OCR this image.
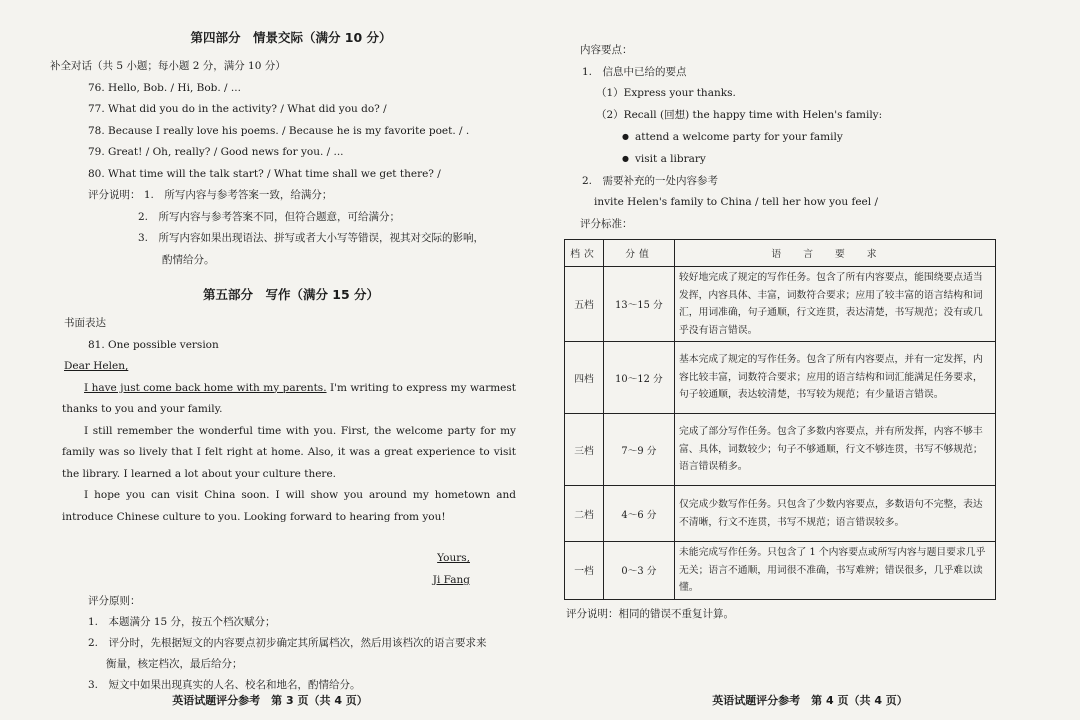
第四部分　情景交际（满分 10 分）
补全对话（共 5 小题；每小题 2 分，满分 10 分）
76. Hello, Bob. / Hi, Bob. / ...
77. What did you do in the activity? / What did you do? /
78. Because I really love his poems. / Because he is my favorite poet. / .
79. Great! / Oh, really? / Good news for you. / ...
80. What time will the talk start? / What time shall we get there? /
评分说明： 1.　所写内容与参考答案一致，给满分；
2.　所写内容与参考答案不同，但符合题意，可给满分；
3.　所写内容如果出现语法、拼写或者大小写等错误，视其对交际的影响，
酌情给分。
第五部分　写作（满分 15 分）
书面表达
81. One possible version
Dear Helen,
I have just come back home with my parents. I'm writing to express my warmest thanks to you and your family.
I still remember the wonderful time with you. First, the welcome party for my family was so lively that I felt right at home. Also, it was a great experience to visit the library. I learned a lot about your culture there.
I hope you can visit China soon. I will show you around my hometown and introduce Chinese culture to you. Looking forward to hearing from you!
Yours,
Ji Fang
评分原则：
1.　本题满分 15 分，按五个档次赋分；
2.　评分时，先根据短文的内容要点初步确定其所属档次，然后用该档次的语言要求来
衡量，核定档次，最后给分；
3.　短文中如果出现真实的人名、校名和地名，酌情给分。
英语试题评分参考　第 3 页（共 4 页）
内容要点：
1.　信息中已给的要点
（1）Express your thanks.
（2）Recall (回想) the happy time with Helen's family:
● attend a welcome party for your family
● visit a library
2.　需要补充的一处内容参考
invite Helen's family to China / tell her how you feel /
评分标准：
档次	分值	语言要求
五档	13～15 分	较好地完成了规定的写作任务。包含了所有内容要点，能围绕要点适当发挥，内容具体、丰富，词数符合要求；应用了较丰富的语言结构和词汇，用词准确，句子通顺，行文连贯，表达清楚，书写规范；没有或几乎没有语言错误。
四档	10～12 分	基本完成了规定的写作任务。包含了所有内容要点，并有一定发挥，内容比较丰富，词数符合要求；应用的语言结构和词汇能满足任务要求，句子较通顺，表达较清楚，书写较为规范；有少量语言错误。
三档	7～9 分	完成了部分写作任务。包含了多数内容要点，并有所发挥，内容不够丰富、具体，词数较少；句子不够通顺，行文不够连贯，书写不够规范；语言错误稍多。
二档	4～6 分	仅完成少数写作任务。只包含了少数内容要点，多数语句不完整，表达不清晰，行文不连贯，书写不规范；语言错误较多。
一档	0～3 分	未能完成写作任务。只包含了 1 个内容要点或所写内容与题目要求几乎无关；语言不通顺，用词很不准确，书写难辨；错误很多，几乎难以读懂。
评分说明：相同的错误不重复计算。
英语试题评分参考　第 4 页（共 4 页）
